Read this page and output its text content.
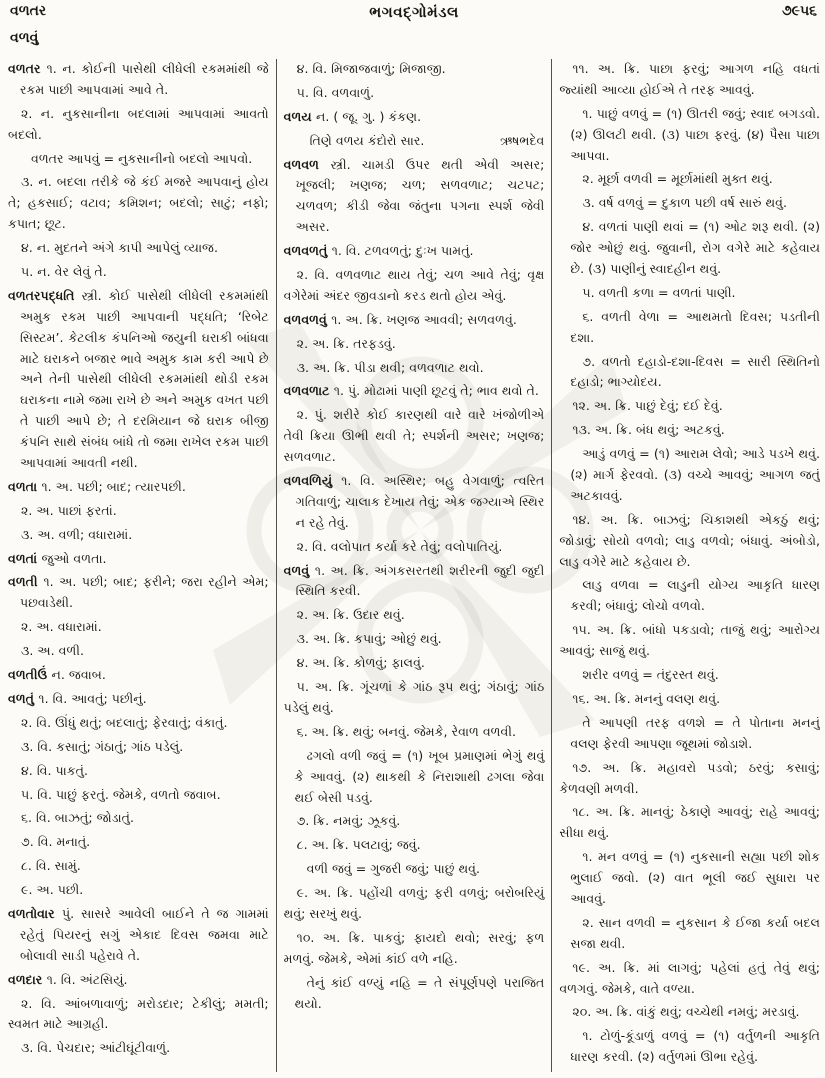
વળતર	ભગવદ્ગોમંડલ	૭૯૫૬
વળવું

વળતર ૧. ન. કોઈની પાસેથી લીધેલી રકમમાંથી જે રકમ પાછી આપવામાં આવે તે.

૨. ન. નુકસાનીના બદલામાં આપવામાં આવતો બદલો.

વળતર આપવું = નુકસાનીનો બદલો આપવો.

૩. ન. બદલા તરીકે જે કંઈ મજરે આપવાનું હોય તે; હકસાઈ; વટાવ; કમિશન; બદલો; સાટું; નફો; કપાત; છૂટ.

૪. ન. મુદતને અંગે કાપી આપેલું વ્યાજ.

૫. ન. વેર લેવું તે.

વળતરપદ્ધતિ સ્ત્રી. કોઈ પાસેથી લીધેલી રકમમાંથી અમુક રકમ પાછી આપવાની પદ્ધતિ; ‘રિબેટ સિસ્ટમ’. કેટલીક કંપનિઓ જયુની ઘરાકી બાંધવા માટે ઘરાકને બજાર ભાવે અમુક કામ કરી આપે છે અને તેની પાસેથી લીધેલી રકમમાંથી થોડી રકમ ઘરાકના નામે જમા રાખે છે અને અમુક વખત પછી તે પાછી આપે છે; તે દરમિયાન જે ઘરાક બીજી કંપનિ સાથે સંબંધ બાંધે તો જમા રાખેલ રકમ પાછી આપવામાં આવતી નથી.

વળતા ૧. અ. પછી; બાદ; ત્યારપછી.

૨. અ. પાછાં ફરતાં.

૩. અ. વળી; વધારામાં.

વળતાં જુઓ વળતા.

વળતી ૧. અ. પછી; બાદ; ફરીને; જરા રહીને એમ; પછવાડેથી.

૨. અ. વધારામાં.

૩. અ. વળી.

વળતીઉં ન. જવાબ.

વળતું ૧. વિ. આવતું; પછીનું.

૨. વિ. ઊંધું થતું; બદલાતું; ફેરવાતું; વંકાતું.

૩. વિ. કસાતું; ગંઠાતું; ગાંઠ પડેલું.

૪. વિ. પાકતું.

૫. વિ. પાછું ફરતું. જેમકે, વળતો જવાબ.

૬. વિ. બાઝતું; જોડાતું.

૭. વિ. મનાતું.

૮. વિ. સામું.

૯. અ. પછી.

વળતોવાર પું. સાસરે આવેલી બાઈને તે જ ગામમાં રહેતું પિયરનું સગું એકાદ દિવસ જમવા માટે બોલાવી સાડી પહેરાવે તે.

વળદાર ૧. વિ. અંટસિયું.

૨. વિ. આંબળાવાળું; મરોડદાર; ટેકીલું; મમતી; સ્વમત માટે આગ્રહી.

૩. વિ. પેચદાર; આંટીઘૂંટીવાળું.

૪. વિ. મિજાજવાળું; મિજાજી.

૫. વિ. વળવાળું.

વળય ન. ( જૂ. ગુ. ) કંકણ.

ઋષભદેવ
તિણે વળય કંદોરો સાર.

વળવળ સ્ત્રી. ચામડી ઉપર થતી એવી અસર; ખૂજલી; ખણજ; ચળ; સળવળાટ; ચટપટ; ચળવળ; કીડી જેવા જંતુના પગના સ્પર્શ જેવી અસર.

વળવળતું ૧. વિ. ટળવળતું; દુઃખ પામતું.

૨. વિ. વળવળાટ થાય તેવું; ચળ આવે તેવું; વૃક્ષ વગેરેમાં અંદર જીવડાનો કરડ થતો હોય એવું.

વળવળવું ૧. અ. ક્રિ. ખણજ આવવી; સળવળવું.

૨. અ. ક્રિ. તરફડવું.

૩. અ. ક્રિ. પીડા થવી; વળવળાટ થવો.

વળવળાટ ૧. પું. મોઢામાં પાણી છૂટવું તે; ભાવ થવો તે.

૨. પું. શરીરે કોઈ કારણથી વારે વારે ખંજોળીએ તેવી ક્રિયા ઊભી થવી તે; સ્પર્શની અસર; ખણજ; સળવળાટ.

વળવળિયું ૧. વિ. અસ્થિર; બહુ વેગવાળું; ત્વરિત ગતિવાળું; ચાલાક દેખાય તેવું; એક જગ્યાએ સ્થિર ન રહે તેવું.

૨. વિ. વલોપાત કર્યા કરે તેવું; વલોપાતિયું.

વળવું ૧. અ. ક્રિ. અંગકસરતથી શરીરની જુદી જુદી સ્થિતિ કરવી.

૨. અ. ક્રિ. ઉદાર થવું.

૩. અ. ક્રિ. કપાવું; ઓછું થવું.

૪. અ. ક્રિ. કોળવું; ફાલવું.

૫. અ. ક્રિ. ગૂંચળાં કે ગાંઠ રૂપ થવું; ગંઠાવું; ગાંઠ પડેલું થવું.

૬. અ. ક્રિ. થવું; બનવું. જેમકે, રેવાળ વળવી.

ઢગલો વળી જવું = (૧) ખૂબ પ્રમાણમાં ભેગું થવું કે આવવું. (૨) થાકથી કે નિરાશાથી ઢગલા જેવા થઈ બેસી પડવું.

૭. ક્રિ. નમવું; ઝૂકવું.

૮. અ. ક્રિ. પલટાવું; જવું.

વળી જવું = ગુજરી જવું; પાછું થવું.

૯. અ. ક્રિ. પહોંચી વળવું; ફરી વળવું; બરોબરિયું થવું; સરખું થવું.

૧૦. અ. ક્રિ. પાકવું; ફાયદો થવો; સરવું; ફળ મળવું. જેમકે, એમાં કાંઈ વળે નહિ.

તેનું કાંઈ વળ્યું નહિ = તે સંપૂર્ણપણે પરાજિત થયો.

૧૧. અ. ક્રિ. પાછા ફરવું; આગળ નહિ વધતાં જ્યાંથી આવ્યા હોઈએ તે તરફ આવવું.

૧. પાછું વળવું = (૧) ઊતરી જવું; સ્વાદ બગડવો. (૨) ઊલટી થવી. (૩) પાછા ફરવું. (૪) પૈસા પાછા આપવા.

૨. મૂર્છા વળવી = મૂર્છામાંથી મુક્ત થવું.

૩. વર્ષ વળવું = દુકાળ પછી વર્ષ સારું થવું.

૪. વળતાં પાણી થવાં = (૧) ઓટ શરૂ થવી. (૨) જોર ઓછું થવું. જુવાની, રોગ વગેરે માટે કહેવાય છે. (૩) પાણીનું સ્વાદહીન થવું.

૫. વળતી કળા = વળતાં પાણી.

૬. વળતી વેળા = આથમતો દિવસ; પડતીની દશા.

૭. વળતો દહાડો-દશા-દિવસ = સારી સ્થિતિનો દહાડો; ભાગ્યોદય.

૧૨. અ. ક્રિ. પાછું દેવું; દઈ દેવું.

૧૩. અ. ક્રિ. બંધ થવું; અટકવું.

આડું વળવું = (૧) આરામ લેવો; આડે પડખે થવું. (૨) માર્ગ ફેરવવો. (૩) વચ્ચે આવવું; આગળ જતું અટકાવવું.

૧૪. અ. ક્રિ. બાઝવું; ચિકાશથી એકઠું થવું; જોડાવું; સોયો વળવો; લાડુ વળવો; બંધાવું. અંબોડો, લાડુ વગેરે માટે કહેવાય છે.

લાડુ વળવા = લાડુની યોગ્ય આકૃતિ ધારણ કરવી; બંધાવું; લોચો વળવો.

૧૫. અ. ક્રિ. બાંધો પકડાવો; તાજું થવું; આરોગ્ય આવવું; સાજું થવું.

શરીર વળવું = તંદુરસ્ત થવું.

૧૬. અ. ક્રિ. મનનું વલણ થવું.

તે આપણી તરફ વળશે = તે પોતાના મનનું વલણ ફેરવી આપણા જૂથમાં જોડાશે.

૧૭. અ. ક્રિ. મહાવરો પડવો; ઠરવું; કસાવું; કેળવણી મળવી.

૧૮. અ. ક્રિ. માનવું; ઠેકાણે આવવું; રાહે આવવું; સીધા થવું.

૧. મન વળવું = (૧) નુકસાની સહ્યા પછી શોક ભુલાઈ જવો. (૨) વાત ભૂલી જઈ સુધારા પર આવવું.

૨. સાન વળવી = નુકસાન કે ઈજા કર્યા બદલ સજા થવી.

૧૯. અ. ક્રિ. માં લાગવું; પહેલાં હતું તેવું થવું; વળગવું. જેમકે, વાતે વળ્યા.

૨૦. અ. ક્રિ. વાંકું થવું; વચ્ચેથી નમવું; મરડાવું.

૧. ટોળું-કૂંડાળું વળવું = (૧) વર્તુળની આકૃતિ ધારણ કરવી. (૨) વર્તુળમાં ઊભા રહેવું.
